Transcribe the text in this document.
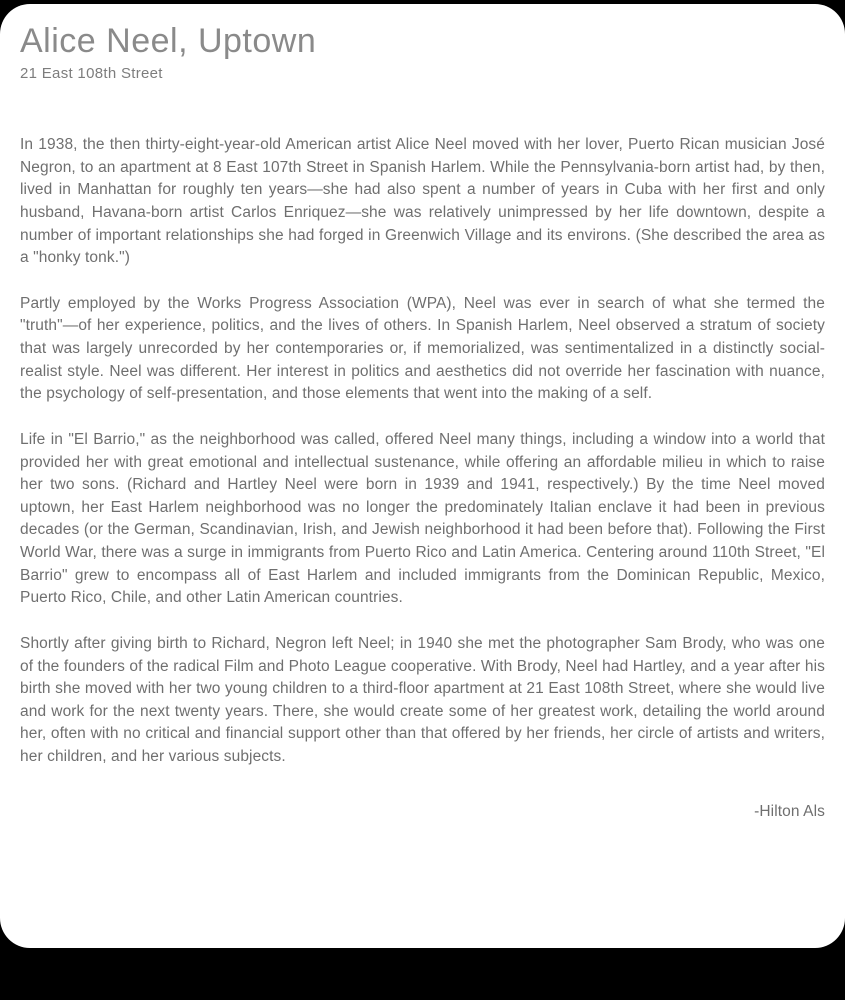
Alice Neel, Uptown
21 East 108th Street

In 1938, the then thirty-eight-year-old American artist Alice Neel moved with her lover, Puerto Rican musician José Negron, to an apartment at 8 East 107th Street in Spanish Harlem. While the Pennsylvania-born artist had, by then, lived in Manhattan for roughly ten years—she had also spent a number of years in Cuba with her first and only husband, Havana-born artist Carlos Enriquez—she was relatively unimpressed by her life downtown, despite a number of important relationships she had forged in Greenwich Village and its environs. (She described the area as a "honky tonk.")

Partly employed by the Works Progress Association (WPA), Neel was ever in search of what she termed the "truth"—of her experience, politics, and the lives of others. In Spanish Harlem, Neel observed a stratum of society that was largely unrecorded by her contemporaries or, if memorialized, was sentimentalized in a distinctly social-realist style. Neel was different. Her interest in politics and aesthetics did not override her fascination with nuance, the psychology of self-presentation, and those elements that went into the making of a self.

Life in "El Barrio," as the neighborhood was called, offered Neel many things, including a window into a world that provided her with great emotional and intellectual sustenance, while offering an affordable milieu in which to raise her two sons. (Richard and Hartley Neel were born in 1939 and 1941, respectively.) By the time Neel moved uptown, her East Harlem neighborhood was no longer the predominately Italian enclave it had been in previous decades (or the German, Scandinavian, Irish, and Jewish neighborhood it had been before that). Following the First World War, there was a surge in immigrants from Puerto Rico and Latin America. Centering around 110th Street, "El Barrio" grew to encompass all of East Harlem and included immigrants from the Dominican Republic, Mexico, Puerto Rico, Chile, and other Latin American countries.

Shortly after giving birth to Richard, Negron left Neel; in 1940 she met the photographer Sam Brody, who was one of the founders of the radical Film and Photo League cooperative. With Brody, Neel had Hartley, and a year after his birth she moved with her two young children to a third-floor apartment at 21 East 108th Street, where she would live and work for the next twenty years. There, she would create some of her greatest work, detailing the world around her, often with no critical and financial support other than that offered by her friends, her circle of artists and writers, her children, and her various subjects.

-Hilton Als
